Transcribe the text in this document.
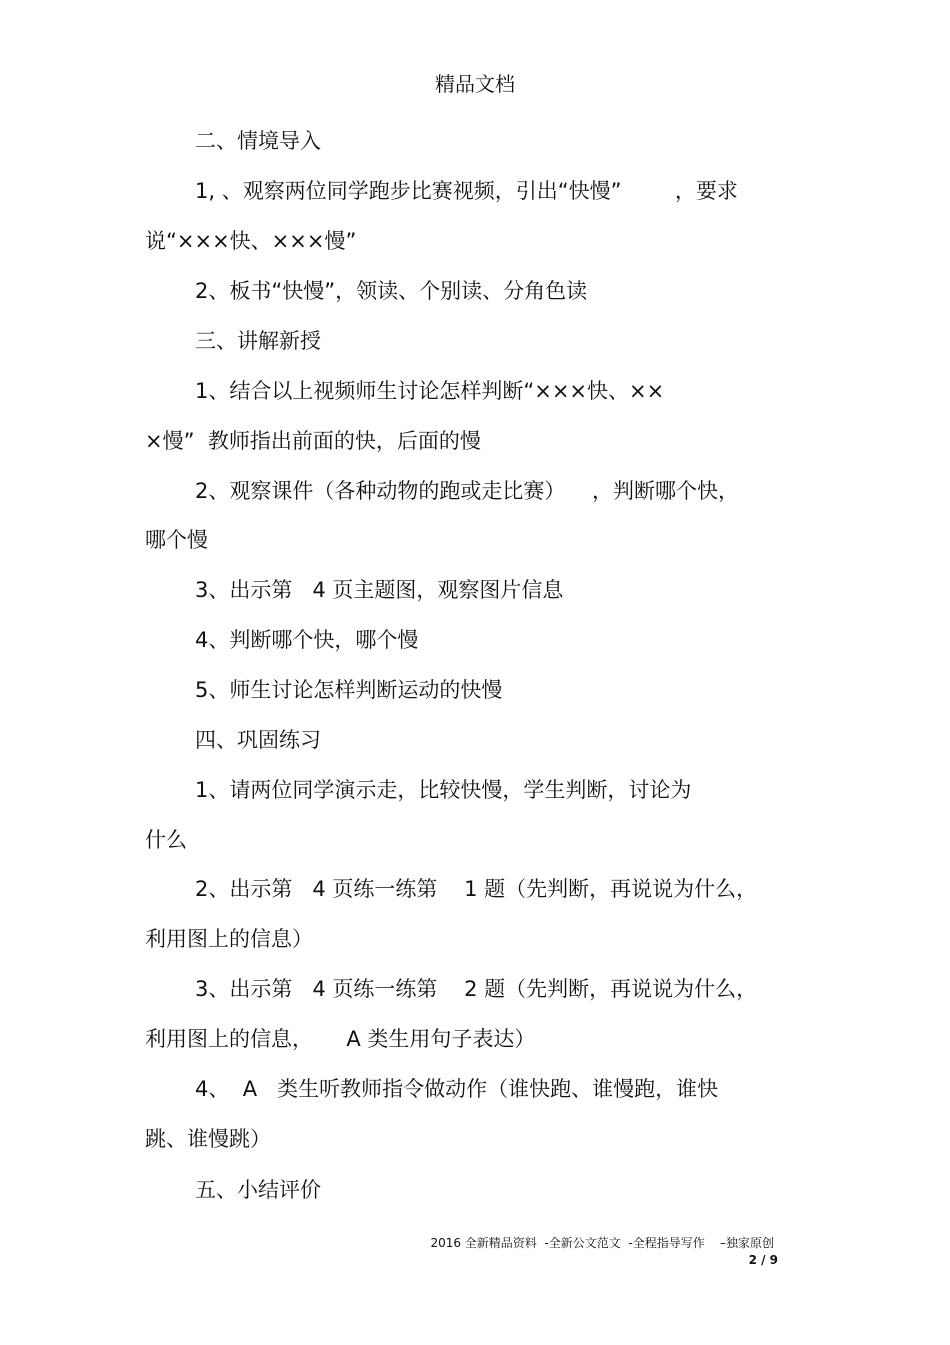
精品文档
二、情境导入
1, 、观察两位同学跑步比赛视频，引出“快慢”        ，要求
说“×××快、×××慢”
2、板书“快慢”，领读、个别读、分角色读
三、讲解新授
1、结合以上视频师生讨论怎样判断“×××快、××
×慢”  教师指出前面的快，后面的慢
2、观察课件（各种动物的跑或走比赛）    ，判断哪个快，
哪个慢
3、出示第   4 页主题图，观察图片信息
4、判断哪个快，哪个慢
5、师生讨论怎样判断运动的快慢
四、巩固练习
1、请两位同学演示走，比较快慢，学生判断，讨论为
什么
2、出示第   4 页练一练第    1 题（先判断，再说说为什么，
利用图上的信息）
3、出示第   4 页练一练第    2 题（先判断，再说说为什么，
利用图上的信息，     A 类生用句子表达）
4、  A   类生听教师指令做动作（谁快跑、谁慢跑，谁快
跳、谁慢跳）
五、小结评价
2016 全新精品资料  -全新公文范文  -全程指导写作    –独家原创
2 / 9
